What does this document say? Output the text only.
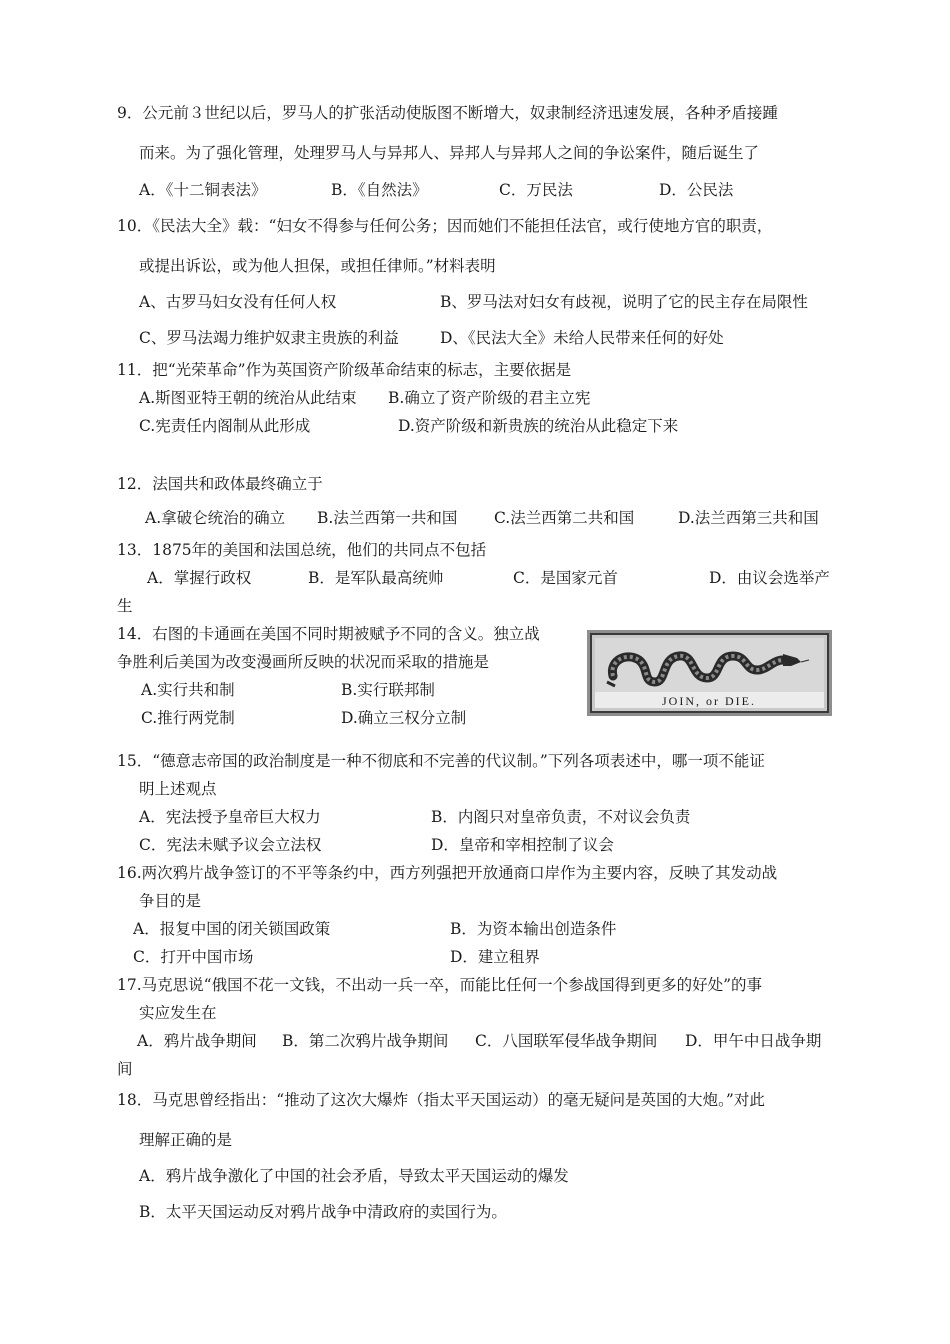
9．公元前３世纪以后，罗马人的扩张活动使版图不断增大，奴隶制经济迅速发展，各种矛盾接踵
而来。为了强化管理，处理罗马人与异邦人、异邦人与异邦人之间的争讼案件，随后诞生了
A．《十二铜表法》	B．《自然法》	C．万民法	D．公民法
10．《民法大全》载：“妇女不得参与任何公务；因而她们不能担任法官，或行使地方官的职责，
或提出诉讼，或为他人担保，或担任律师。”材料表明
A、古罗马妇女没有任何人权	B、罗马法对妇女有歧视，说明了它的民主存在局限性
C、罗马法竭力维护奴隶主贵族的利益	D、《民法大全》未给人民带来任何的好处
11．把“光荣革命”作为英国资产阶级革命结束的标志，主要依据是
A.斯图亚特王朝的统治从此结束 B.确立了资产阶级的君主立宪
C.宪责任内阁制从此形成	D.资产阶级和新贵族的统治从此稳定下来
12．法国共和政体最终确立于
A.拿破仑统治的确立 B.法兰西第一共和国 C.法兰西第二共和国	D.法兰西第三共和国
13．1875年的美国和法国总统，他们的共同点不包括
A．掌握行政权	B．是军队最高统帅	C．是国家元首	D．由议会选举产
生
14．右图的卡通画在美国不同时期被赋予不同的含义。独立战
争胜利后美国为改变漫画所反映的状况而采取的措施是
A.实行共和制	B.实行联邦制
C.推行两党制	D.确立三权分立制
JOIN, or DIE.
15．“德意志帝国的政治制度是一种不彻底和不完善的代议制。”下列各项表述中，哪一项不能证
明上述观点
A．宪法授予皇帝巨大权力	B．内阁只对皇帝负责，不对议会负责
C．宪法未赋予议会立法权	D．皇帝和宰相控制了议会
16.两次鸦片战争签订的不平等条约中，西方列强把开放通商口岸作为主要内容，反映了其发动战
争目的是
A．报复中国的闭关锁国政策	B．为资本输出创造条件
C．打开中国市场	D．建立租界
17.马克思说“俄国不花一文钱，不出动一兵一卒，而能比任何一个参战国得到更多的好处”的事
实应发生在
A．鸦片战争期间 B．第二次鸦片战争期间 C．八国联军侵华战争期间 D．甲午中日战争期
间
18．马克思曾经指出：“推动了这次大爆炸（指太平天国运动）的毫无疑问是英国的大炮。”对此
理解正确的是
A．鸦片战争激化了中国的社会矛盾，导致太平天国运动的爆发
B．太平天国运动反对鸦片战争中清政府的卖国行为。
